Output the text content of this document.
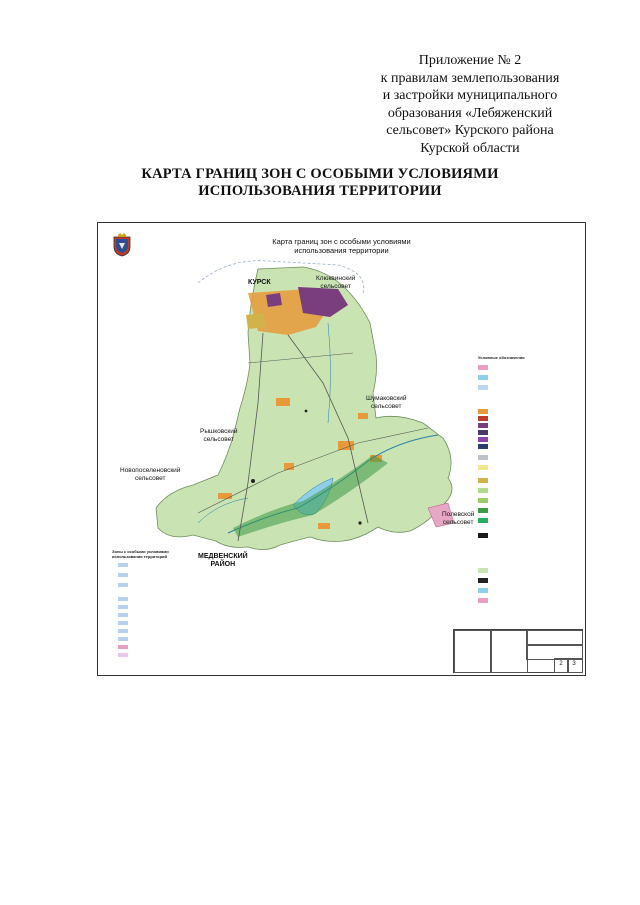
Приложение № 2
к правилам землепользования
и застройки муниципального
образования «Лебяженский
сельсовет» Курского района
Курской области
КАРТА ГРАНИЦ ЗОН С ОСОБЫМИ УСЛОВИЯМИ
ИСПОЛЬЗОВАНИЯ ТЕРРИТОРИИ
Карта границ зон с особыми условиями
использования территории
КУРСК
Клюквинский
сельсовет
Шумаковский
сельсовет
Рышковский
сельсовет
Новопоселеновский
сельсовет
Полевской
сельсовет
МЕДВЕНСКИЙ
РАЙОН
Условные обозначения
Зоны с особыми условиями использования территорий
2	3
